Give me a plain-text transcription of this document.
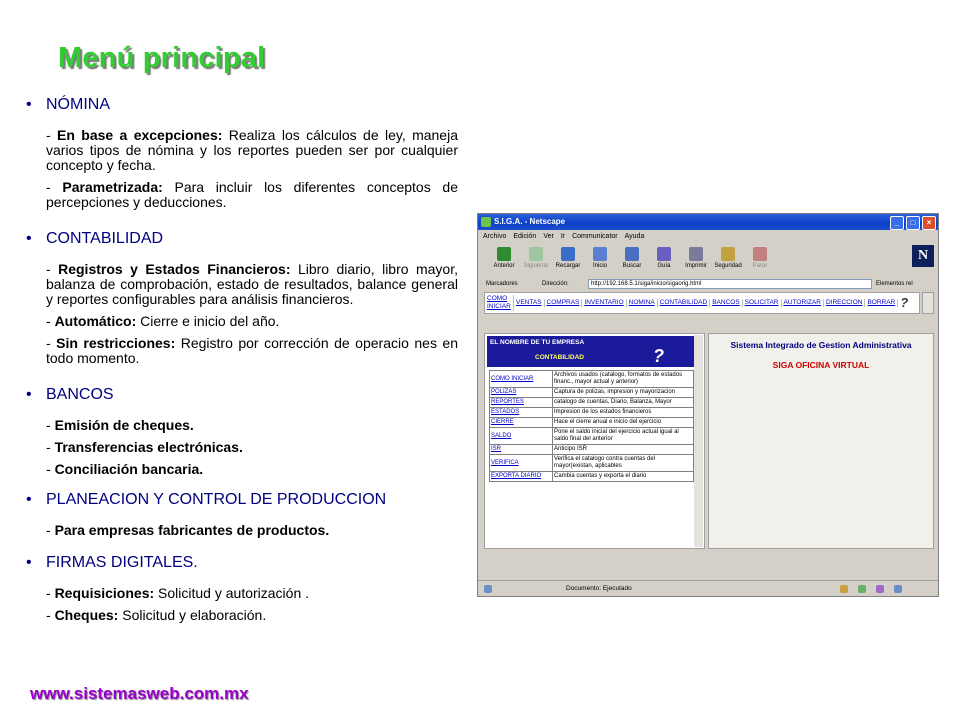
Menú principal
• NÓMINA
- En base a excepciones: Realiza los cálculos de ley, maneja varios tipos de nómina y los reportes pueden ser por cualquier concepto y fecha.
- Parametrizada: Para incluir los diferentes conceptos de percepciones y deducciones.
• CONTABILIDAD
- Registros y Estados Financieros: Libro diario, libro mayor, balanza de comprobación, estado de resultados, balance general y reportes configurables para análisis financieros.
- Automático: Cierre e inicio del año.
- Sin restricciones: Registro por corrección de operacio nes en todo momento.
• BANCOS
- Emisión de cheques.
- Transferencias electrónicas.
- Conciliación bancaria.
• PLANEACION Y CONTROL DE PRODUCCION
- Para empresas fabricantes de productos.
• FIRMAS DIGITALES.
- Requisiciones: Solicitud y autorización .
- Cheques: Solicitud y elaboración.
www.sistemasweb.com.mx
S.I.G.A. - Netscape	_	□	×
Archivo Edición Ver Ir Communicator Ayuda
Anterior	Siguiente	Recargar	Inicio	Buscar	Guía	Imprimir	Seguridad	Parar
N
Marcadores	Dirección:	http://192.168.5.1/siga/inicio/sigaorig.html	Elementos rel
COMO INICIAR
VENTAS COMPRAS INVENTARIO NOMINA CONTABILIDAD BANCOS SOLICITAR AUTORIZAR DIRECCION BORRAR ?
EL NOMBRE DE TU EMPRESA
CONTABILIDAD	?
COMO INICIAR	Archivos usados (catalogo, formatos de estados financ., mayor actual y anterior)
POLIZAS	Captura de polizas, impresion y mayorizacion
REPORTES	catalogo de cuentas, Diario, Balanza, Mayor
ESTADOS	Impresion de los estados financieros
CIERRE	Hace el cierre anual e inicio del ejercicio
SALDO	Pone el saldo inicial del ejercicio actual igual al saldo final del anterior
ISR	Anticipo ISR
VERIFICA	Verifica el catalogo contra cuentas del mayor(existan, aplicables
EXPORTA DIARIO	Cambia cuentas y exporta el diario
Sistema Integrado de Gestion Administrativa
SIGA OFICINA VIRTUAL
Documento: Ejecutado
